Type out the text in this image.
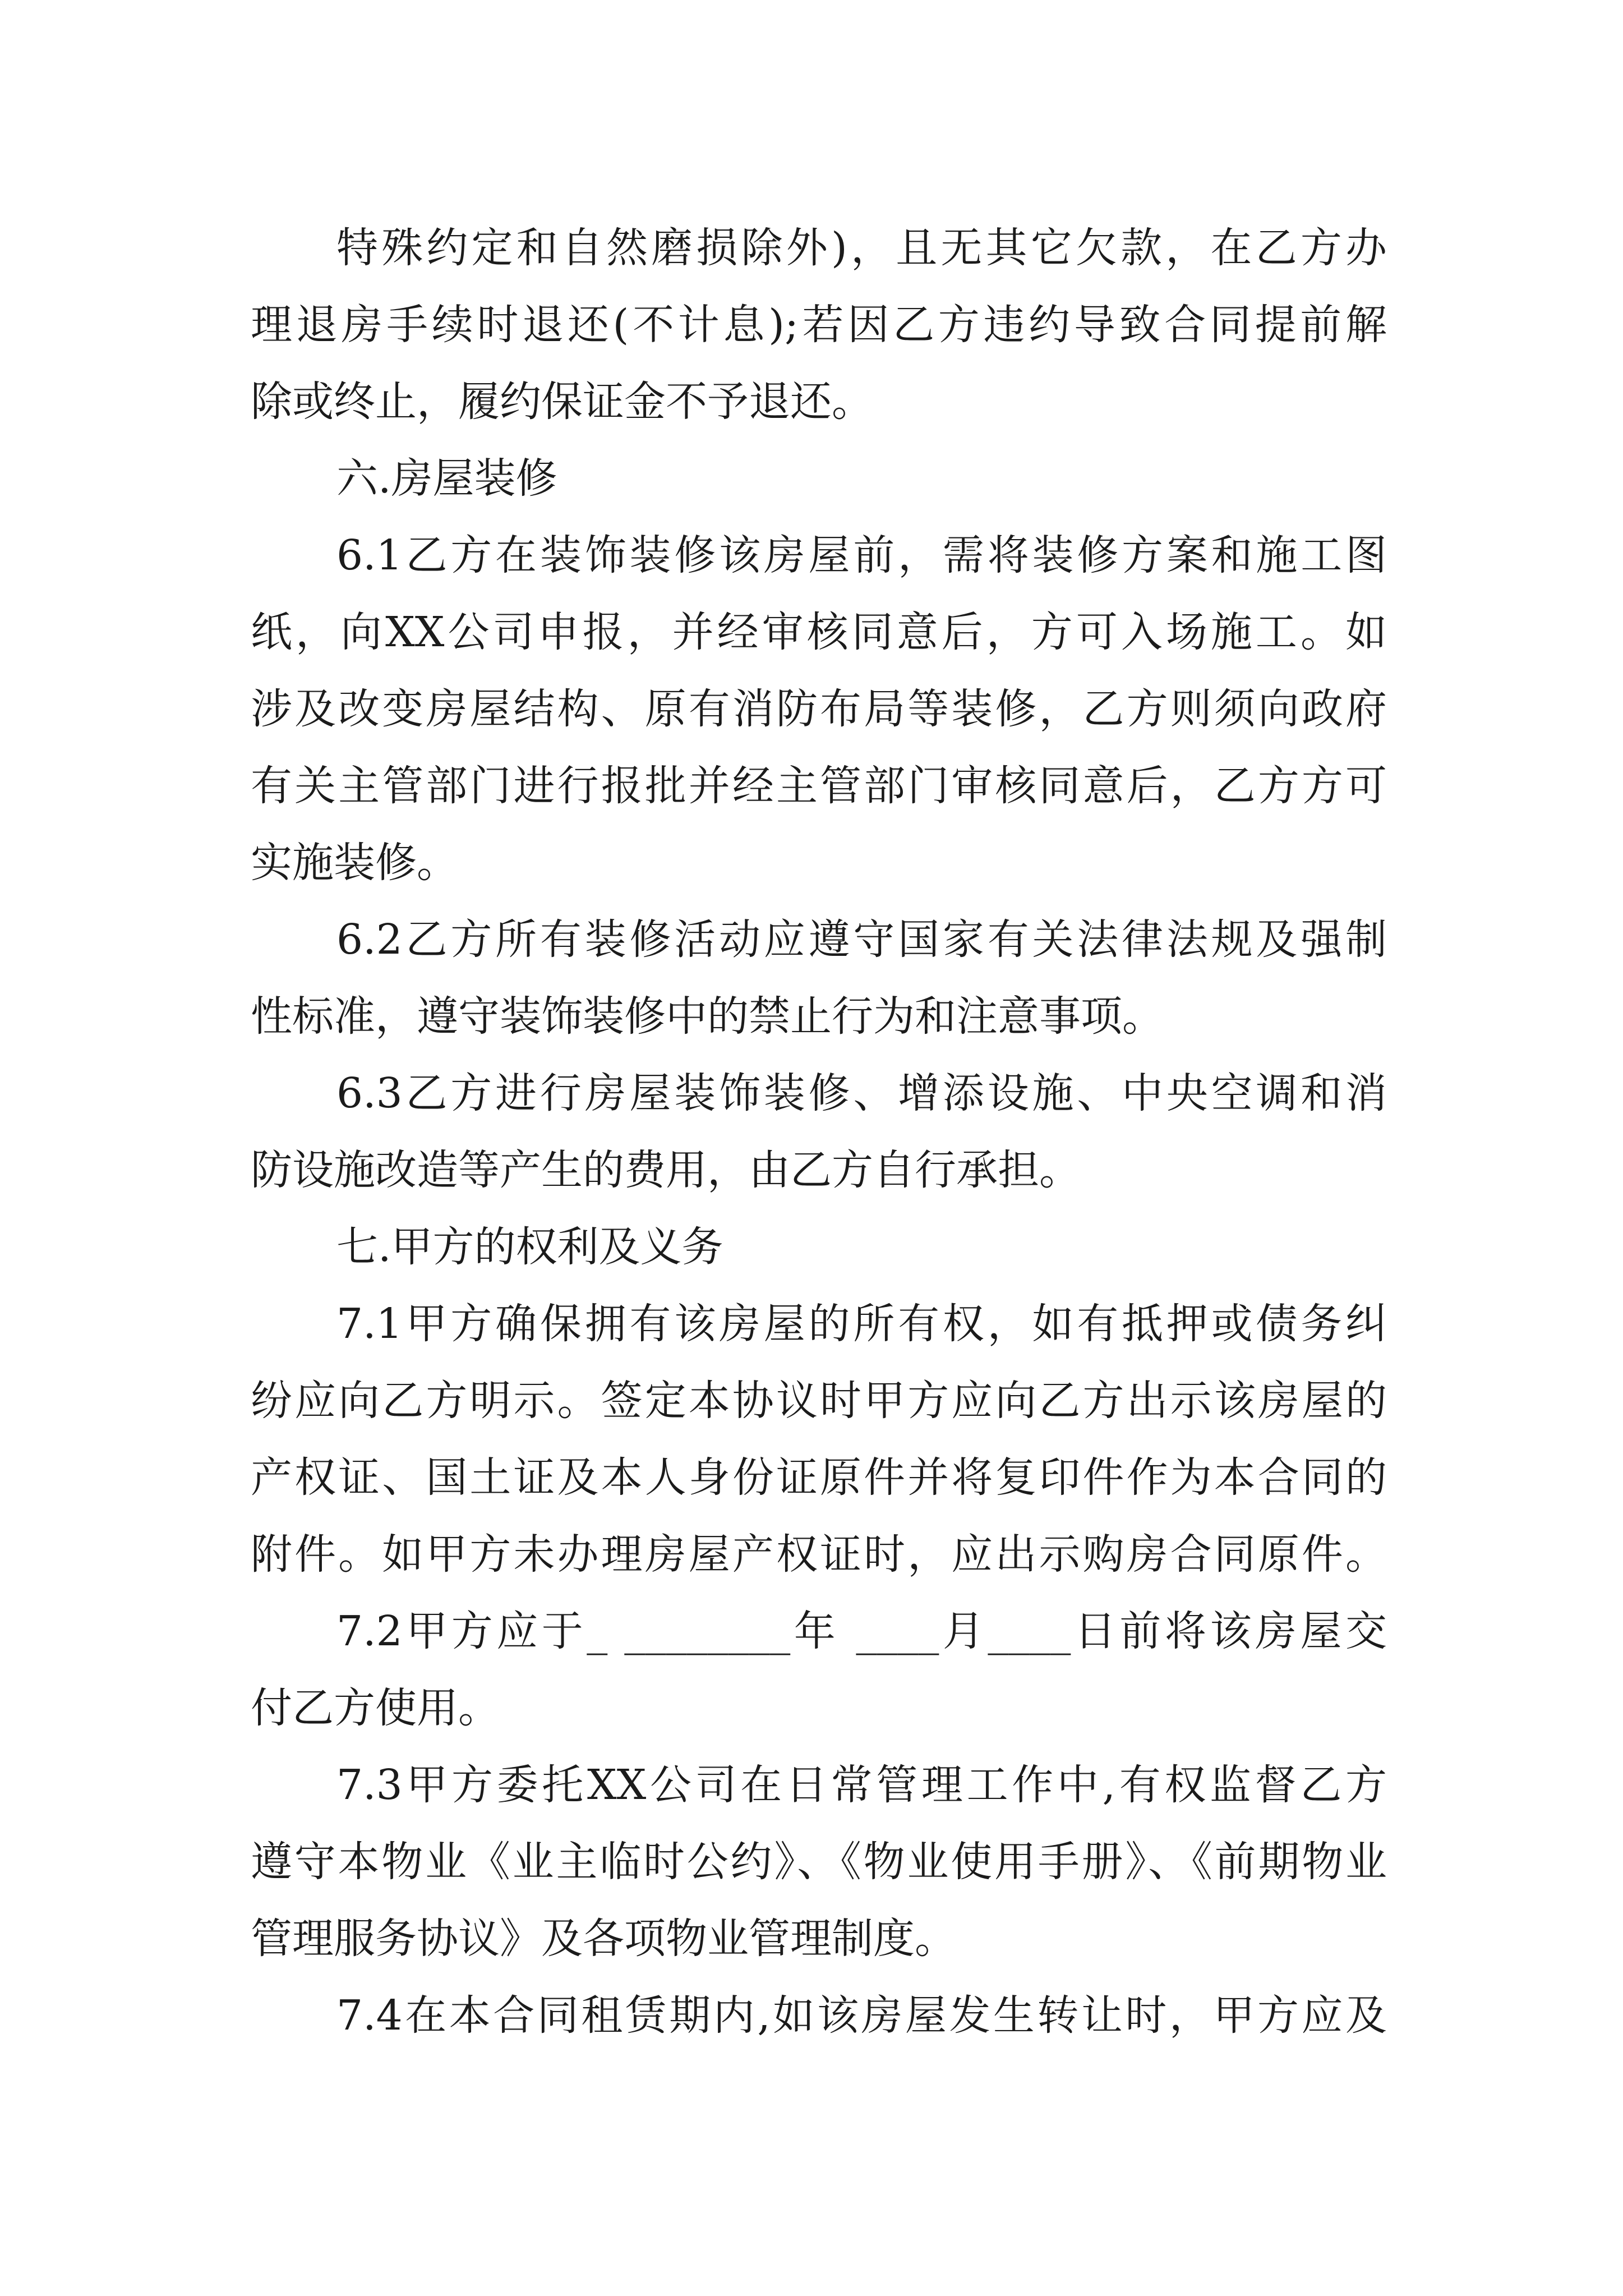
特殊约定和自然磨损除外)，且无其它欠款，在乙方办
理退房手续时退还(不计息);若因乙方违约导致合同提前解
除或终止，履约保证金不予退还。
六.房屋装修
6.1乙方在装饰装修该房屋前，需将装修方案和施工图
纸，向XX公司申报，并经审核同意后，方可入场施工。如
涉及改变房屋结构、原有消防布局等装修，乙方则须向政府
有关主管部门进行报批并经主管部门审核同意后，乙方方可
实施装修。
6.2乙方所有装修活动应遵守国家有关法律法规及强制
性标准，遵守装饰装修中的禁止行为和注意事项。
6.3乙方进行房屋装饰装修、增添设施、中央空调和消
防设施改造等产生的费用，由乙方自行承担。
七.甲方的权利及义务
7.1甲方确保拥有该房屋的所有权，如有抵押或债务纠
纷应向乙方明示。签定本协议时甲方应向乙方出示该房屋的
产权证、国土证及本人身份证原件并将复印件作为本合同的
附件。如甲方未办理房屋产权证时，应出示购房合同原件。
7.2甲方应于_ ________年 ____月____日前将该房屋交
付乙方使用。
7.3甲方委托XX公司在日常管理工作中,有权监督乙方
遵守本物业《业主临时公约》、《物业使用手册》、《前期物业
管理服务协议》及各项物业管理制度。
7.4在本合同租赁期内,如该房屋发生转让时，甲方应及
